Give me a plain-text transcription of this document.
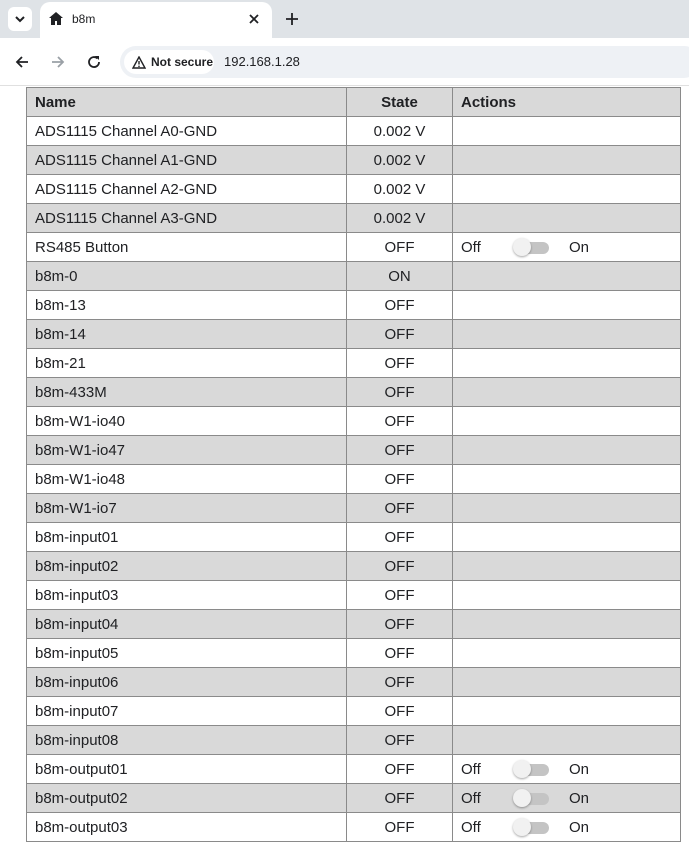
b8m
Not secure 192.168.1.28
Name	State	Actions
ADS1115 Channel A0-GND	0.002 V	
ADS1115 Channel A1-GND	0.002 V	
ADS1115 Channel A2-GND	0.002 V	
ADS1115 Channel A3-GND	0.002 V	
RS485 Button	OFF	Off On

b8m-0	ON	
b8m-13	OFF	
b8m-14	OFF	
b8m-21	OFF	
b8m-433M	OFF	
b8m-W1-io40	OFF	
b8m-W1-io47	OFF	
b8m-W1-io48	OFF	
b8m-W1-io7	OFF	
b8m-input01	OFF	
b8m-input02	OFF	
b8m-input03	OFF	
b8m-input04	OFF	
b8m-input05	OFF	
b8m-input06	OFF	
b8m-input07	OFF	
b8m-input08	OFF	
b8m-output01	OFF	Off On

b8m-output02	OFF	Off On

b8m-output03	OFF	Off On
